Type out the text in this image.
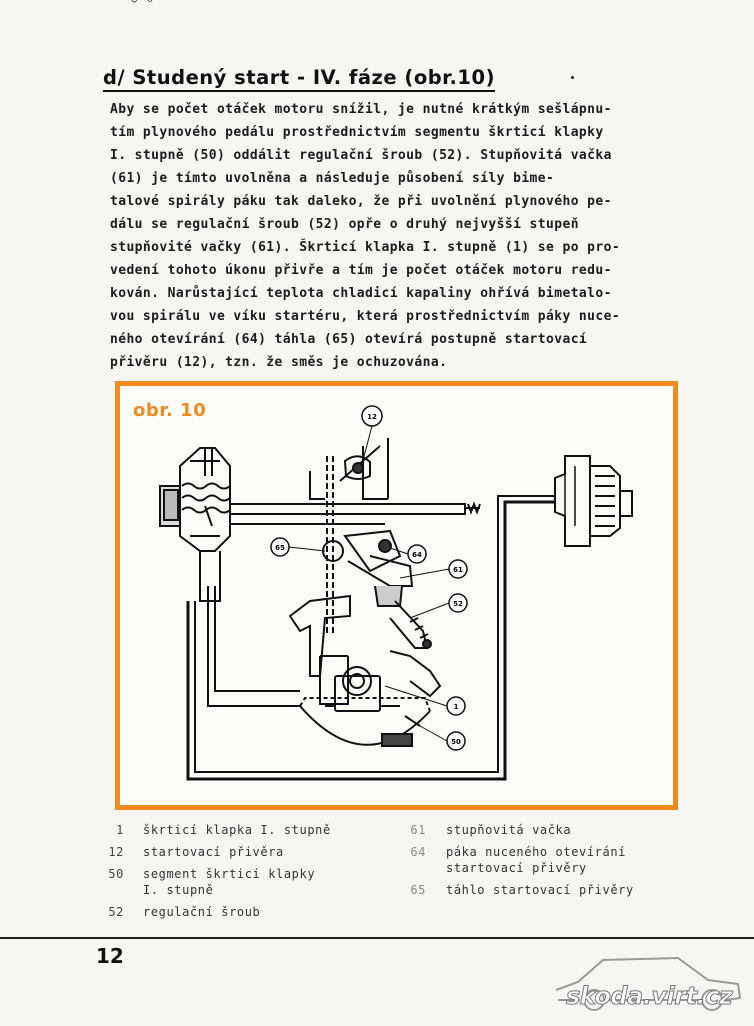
d/ Studený start - IV. fáze (obr.10)
Aby se počet otáček motoru snížil, je nutné krátkým sešlápnu-
tím plynového pedálu prostřednictvím segmentu škrticí klapky
I. stupně (50) oddálit regulační šroub (52). Stupňovitá vačka
(61) je tímto uvolněna a následuje působení síly bime-
talové spirály páku tak daleko, že při uvolnění plynového pe-
dálu se regulační šroub (52) opře o druhý nejvyšší stupeň
stupňovité vačky (61). Škrticí klapka I. stupně (1) se po pro-
vedení tohoto úkonu přivře a tím je počet otáček motoru redu-
kován. Narůstající teplota chladicí kapaliny ohřívá bimetalo-
vou spirálu ve víku startéru, která prostřednictvím páky nuce-
ného otevírání (64) táhla (65) otevírá postupně startovací
přivěru (12), tzn. že směs je ochuzována.
obr. 10	12
65
64
61
52
1
50
1 škrticí klapka I. stupně
12 startovací přivěra
50 segment škrticí klapky
I. stupně
52 regulační šroub
61 stupňovitá vačka
64 páka nuceného otevírání
startovací přivěry
65 táhlo startovací přivěry
12
skoda.virt.cz
